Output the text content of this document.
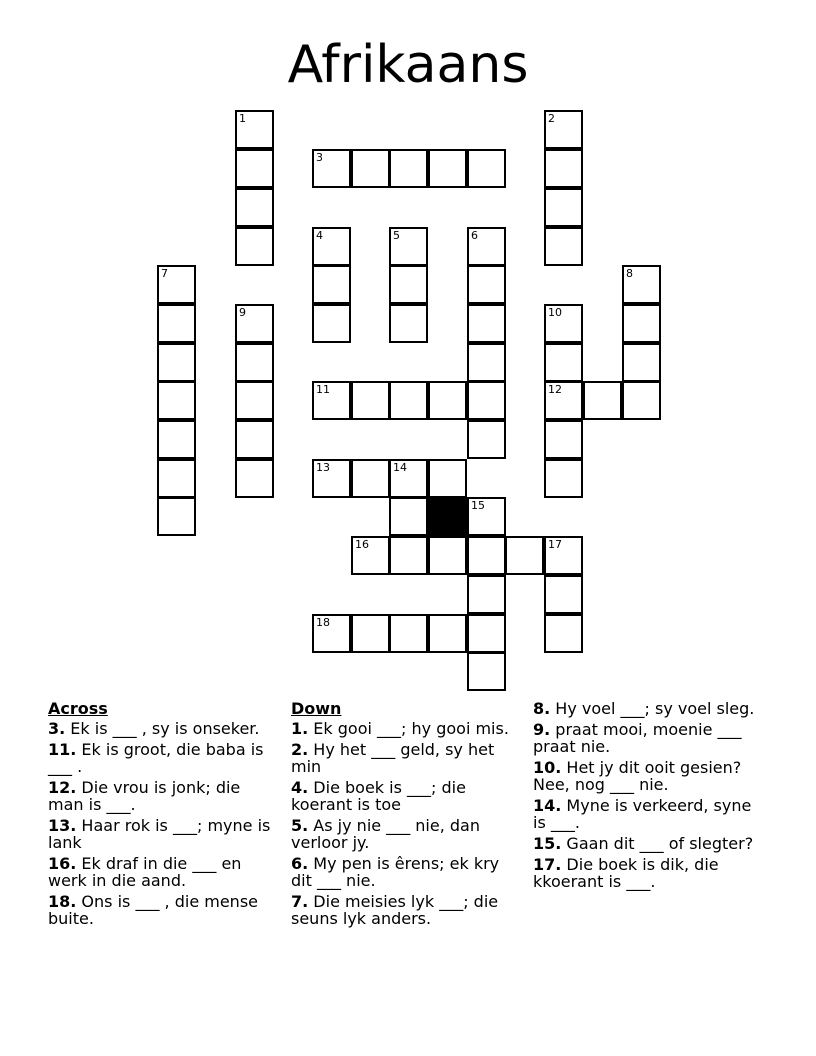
Afrikaans
1	2
3
4	5	6
7	8
9	10
12
11
13	14
15
16	17
18
Across
3. Ek is ___ , sy is onseker.
11. Ek is groot, die baba is ___ .
12. Die vrou is jonk; die man is ___.
13. Haar rok is ___; myne is lank
16. Ek draf in die ___ en werk in die aand.
18. Ons is ___ , die mense buite.
Down
1. Ek gooi ___; hy gooi mis.
2. Hy het ___ geld, sy het min
4. Die boek is ___; die koerant is toe
5. As jy nie ___ nie, dan verloor jy.
6. My pen is êrens; ek kry dit ___ nie.
7. Die meisies lyk ___; die seuns lyk anders.
8. Hy voel ___; sy voel sleg.
9. praat mooi, moenie ___ praat nie.
10. Het jy dit ooit gesien? Nee, nog ___ nie.
14. Myne is verkeerd, syne is ___.
15. Gaan dit ___ of slegter?
17. Die boek is dik, die kkoerant is ___.
